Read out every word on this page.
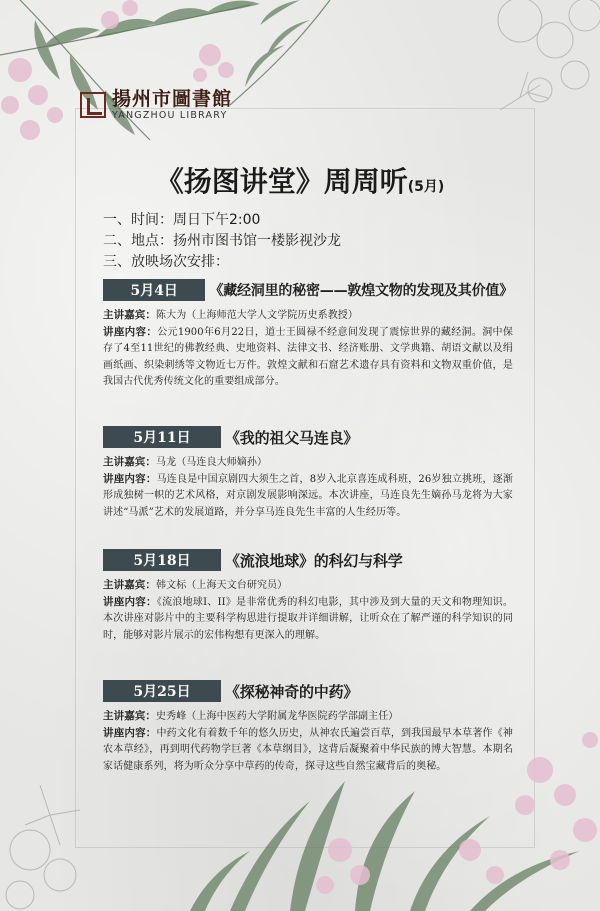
揚州市圖書館
YANGZHOU LIBRARY
《扬图讲堂》周周听(5月)
一、时间：周日下午2:00
二、地点：扬州市图书馆一楼影视沙龙
三、放映场次安排：
5月4日	《藏经洞里的秘密——敦煌文物的发现及其价值》
主讲嘉宾：陈大为（上海师范大学人文学院历史系教授）
讲座内容：公元1900年6月22日，道士王圆禄不经意间发现了震惊世界的藏经洞。洞中保存了4至11世纪的佛教经典、史地资料、法律文书、经济账册、文学典籍、胡语文献以及绢画纸画、织染刺绣等文物近七万件。敦煌文献和石窟艺术遗存具有资料和文物双重价值，是我国古代优秀传统文化的重要组成部分。
5月11日	《我的祖父马连良》
主讲嘉宾：马龙（马连良大师嫡孙）
讲座内容：马连良是中国京剧四大须生之首，8岁入北京喜连成科班，26岁独立挑班，逐渐形成独树一帜的艺术风格，对京剧发展影响深远。本次讲座，马连良先生嫡孙马龙将为大家讲述“马派”艺术的发展道路，并分享马连良先生丰富的人生经历等。
5月18日	《流浪地球》的科幻与科学
主讲嘉宾：韩文标（上海天文台研究员）
讲座内容：《流浪地球I、II》是非常优秀的科幻电影，其中涉及到大量的天文和物理知识。本次讲座对影片中的主要科学构思进行提取并详细讲解，让听众在了解严谨的科学知识的同时，能够对影片展示的宏伟构想有更深入的理解。
5月25日	《探秘神奇的中药》
主讲嘉宾：史秀峰（上海中医药大学附属龙华医院药学部副主任）
讲座内容：中药文化有着数千年的悠久历史，从神农氏遍尝百草，到我国最早本草著作《神农本草经》，再到明代药物学巨著《本草纲目》，这背后凝聚着中华民族的博大智慧。本期名家话健康系列，将为听众分享中草药的传奇，探寻这些自然宝藏背后的奥秘。
